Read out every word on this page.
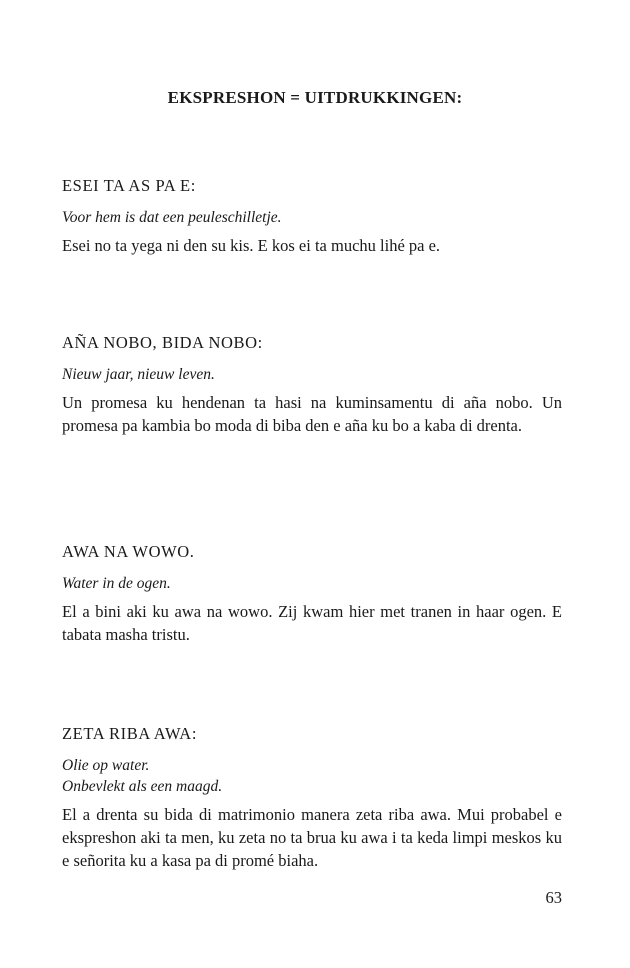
EKSPRESHON = UITDRUKKINGEN:

ESEI TA AS PA E:

Voor hem is dat een peuleschilletje.

Esei no ta yega ni den su kis. E kos ei ta muchu lihé pa e.

AÑA NOBO, BIDA NOBO:

Nieuw jaar, nieuw leven.

Un promesa ku hendenan ta hasi na kuminsamentu di aña nobo. Un promesa pa kambia bo moda di biba den e aña ku bo a kaba di drenta.

AWA NA WOWO.

Water in de ogen.

El a bini aki ku awa na wowo. Zij kwam hier met tranen in haar ogen. E tabata masha tristu.

ZETA RIBA AWA:

Olie op water.

Onbevlekt als een maagd.

El a drenta su bida di matrimonio manera zeta riba awa. Mui probabel e ekspreshon aki ta men, ku zeta no ta brua ku awa i ta keda limpi meskos ku e señorita ku a kasa pa di promé biaha.

63
